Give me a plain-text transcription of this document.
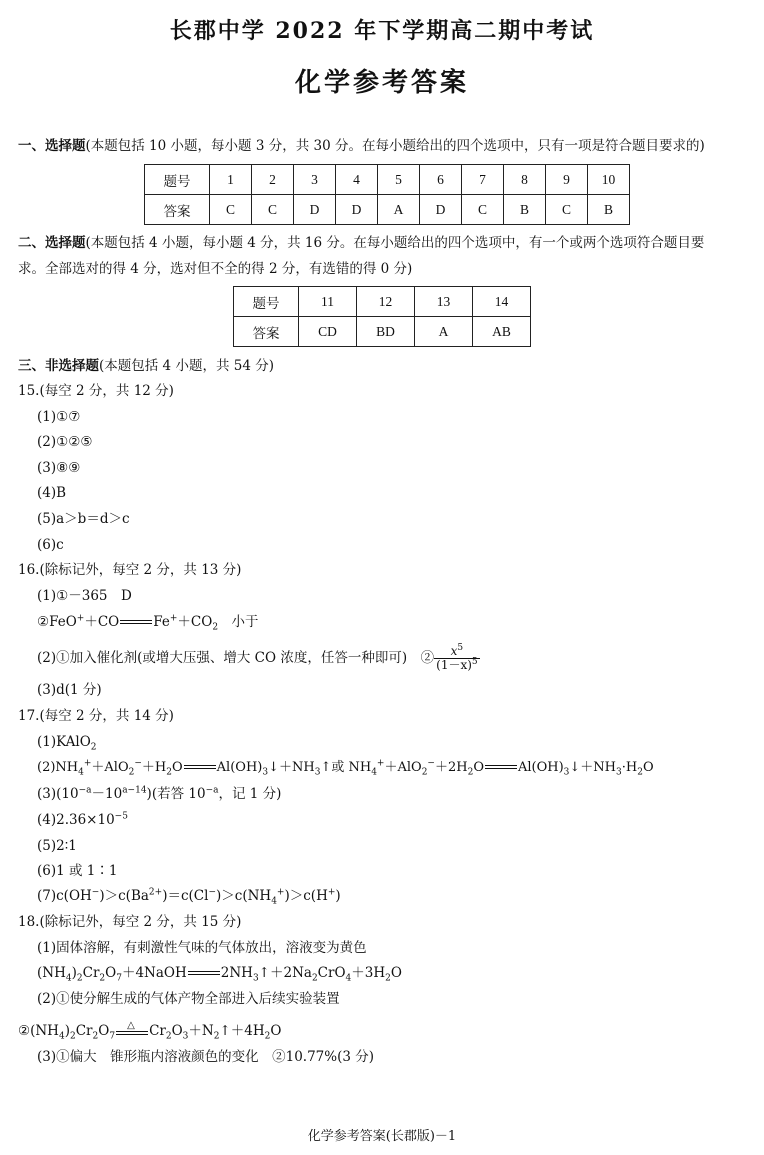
长郡中学 2022 年下学期高二期中考试
化学参考答案
一、选择题(本题包括 10 小题，每小题 3 分，共 30 分。在每小题给出的四个选项中，只有一项是符合题目要求的)
题号	1	2	3	4	5	6	7	8	9	10
答案	C	C	D	D	A	D	C	B	C	B
二、选择题(本题包括 4 小题，每小题 4 分，共 16 分。在每小题给出的四个选项中，有一个或两个选项符合题目要
求。全部选对的得 4 分，选对但不全的得 2 分，有选错的得 0 分)
题号	11	12	13	14
答案	CD	BD	A	AB
三、非选择题(本题包括 4 小题，共 54 分)
15.(每空 2 分，共 12 分)
(1)①⑦
(2)①②⑤
(3)⑧⑨
(4)B
(5)a＞b＝d＞c
(6)c
16.(除标记外，每空 2 分，共 13 分)
(1)①－365　D
②FeO+＋CO	$Fe^++CO_2$　小于
(2)①加入催化剂(或增大压强、增大 CO 浓度，任答一种即可)　② $\frac{x^5}{(1-x)^5}$
(3)d(1 分)
17.(每空 2 分，共 14 分)
(1)KAlO$_2$
$(2)NH_4^++AlO_2^-+H_2O$	$Al(OH)_3↓+NH_3↑$或 $NH_4^++AlO_2^-+2H_2O$	$Al(OH)_3↓+NH_3\cdot H_2O$
$(3)(10^{-a}-10^{a-14})$(若答 $10^{-a}$，记 1 分)
$(4)2.36\times 10^{-5}$
(5)2∶1
(6)1 或 1∶1
$(7)c(OH^-)>c(Ba^{2+})=c(Cl^-)>c(NH_4^+)>c(H^+)$
18.(除标记外，每空 2 分，共 15 分)
(1)固体溶解，有刺激性气味的气体放出，溶液变为黄色
$(NH_4)_2Cr_2O_7+4NaOH$	$2NH_3↑+2Na_2CrO_4+3H_2O$
(2)①使分解生成的气体产物全部进入后续实验装置
$②(NH_4)_2Cr_2O_7$
△ $Cr_2O_3+N_2↑+4H_2O$
(3)①偏大　锥形瓶内溶液颜色的变化　②10.77%(3 分)
化学参考答案(长郡版)－1
